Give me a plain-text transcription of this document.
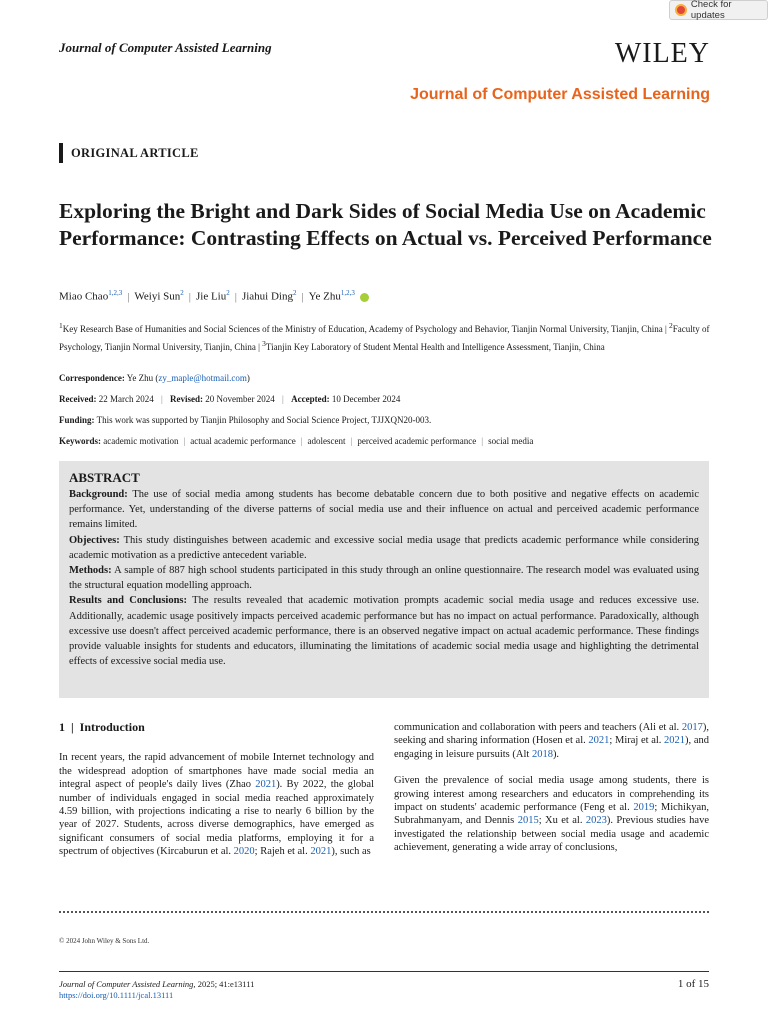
Check for updates
Journal of Computer Assisted Learning	WILEY
Journal of Computer Assisted Learning
ORIGINAL ARTICLE
Exploring the Bright and Dark Sides of Social Media Use on Academic Performance: Contrasting Effects on Actual vs. Perceived Performance
Miao Chao$^{1,2,3}$ | Weiyi Sun$^2$ | Jie Liu$^2$ | Jiahui Ding$^2$ | Ye Zhu$^{1,2,3}$
$^1$Key Research Base of Humanities and Social Sciences of the Ministry of Education, Academy of Psychology and Behavior, Tianjin Normal University, Tianjin, China | $^2$Faculty of Psychology, Tianjin Normal University, Tianjin, China | $^3$Tianjin Key Laboratory of Student Mental Health and Intelligence Assessment, Tianjin, China
Correspondence: Ye Zhu (zy_maple@hotmail.com)
Received: 22 March 2024 | Revised: 20 November 2024 | Accepted: 10 December 2024
Funding: This work was supported by Tianjin Philosophy and Social Science Project, TJJXQN20-003.
Keywords: academic motivation | actual academic performance | adolescent | perceived academic performance | social media
ABSTRACT
Background: The use of social media among students has become debatable concern due to both positive and negative effects on academic performance. Yet, understanding of the diverse patterns of social media use and their influence on actual and perceived academic performance remains limited.
Objectives: This study distinguishes between academic and excessive social media usage that predicts academic performance while considering academic motivation as a predictive antecedent variable.
Methods: A sample of 887 high school students participated in this study through an online questionnaire. The research model was evaluated using the structural equation modelling approach.
Results and Conclusions: The results revealed that academic motivation prompts academic social media usage and reduces excessive use. Additionally, academic usage positively impacts perceived academic performance but has no impact on actual performance. Paradoxically, although excessive use doesn't affect perceived academic performance, there is an observed negative impact on actual academic performance. These findings provide valuable insights for students and educators, illuminating the limitations of academic social media usage and highlighting the detrimental effects of excessive social media use.
1 | Introduction

In recent years, the rapid advancement of mobile Internet technology and the widespread adoption of smartphones have made social media an integral aspect of people's daily lives (Zhao 2021). By 2022, the global number of individuals engaged in social media reached approximately 4.59 billion, with projections indicating a rise to nearly 6 billion by the year of 2027. Students, across diverse demographics, have emerged as significant consumers of social media platforms, employing it for a spectrum of objectives (Kircaburun et al. 2020; Rajeh et al. 2021), such as

communication and collaboration with peers and teachers (Ali et al. 2017), seeking and sharing information (Hosen et al. 2021; Miraj et al. 2021), and engaging in leisure pursuits (Alt 2018).

Given the prevalence of social media usage among students, there is growing interest among researchers and educators in comprehending its impact on students' academic performance (Feng et al. 2019; Michikyan, Subrahmanyam, and Dennis 2015; Xu et al. 2023). Previous studies have investigated the relationship between social media usage and academic achievement, generating a wide array of conclusions,

© 2024 John Wiley & Sons Ltd.
Journal of Computer Assisted Learning, 2025; 41:e13111
https://doi.org/10.1111/jcal.13111
1 of 15
